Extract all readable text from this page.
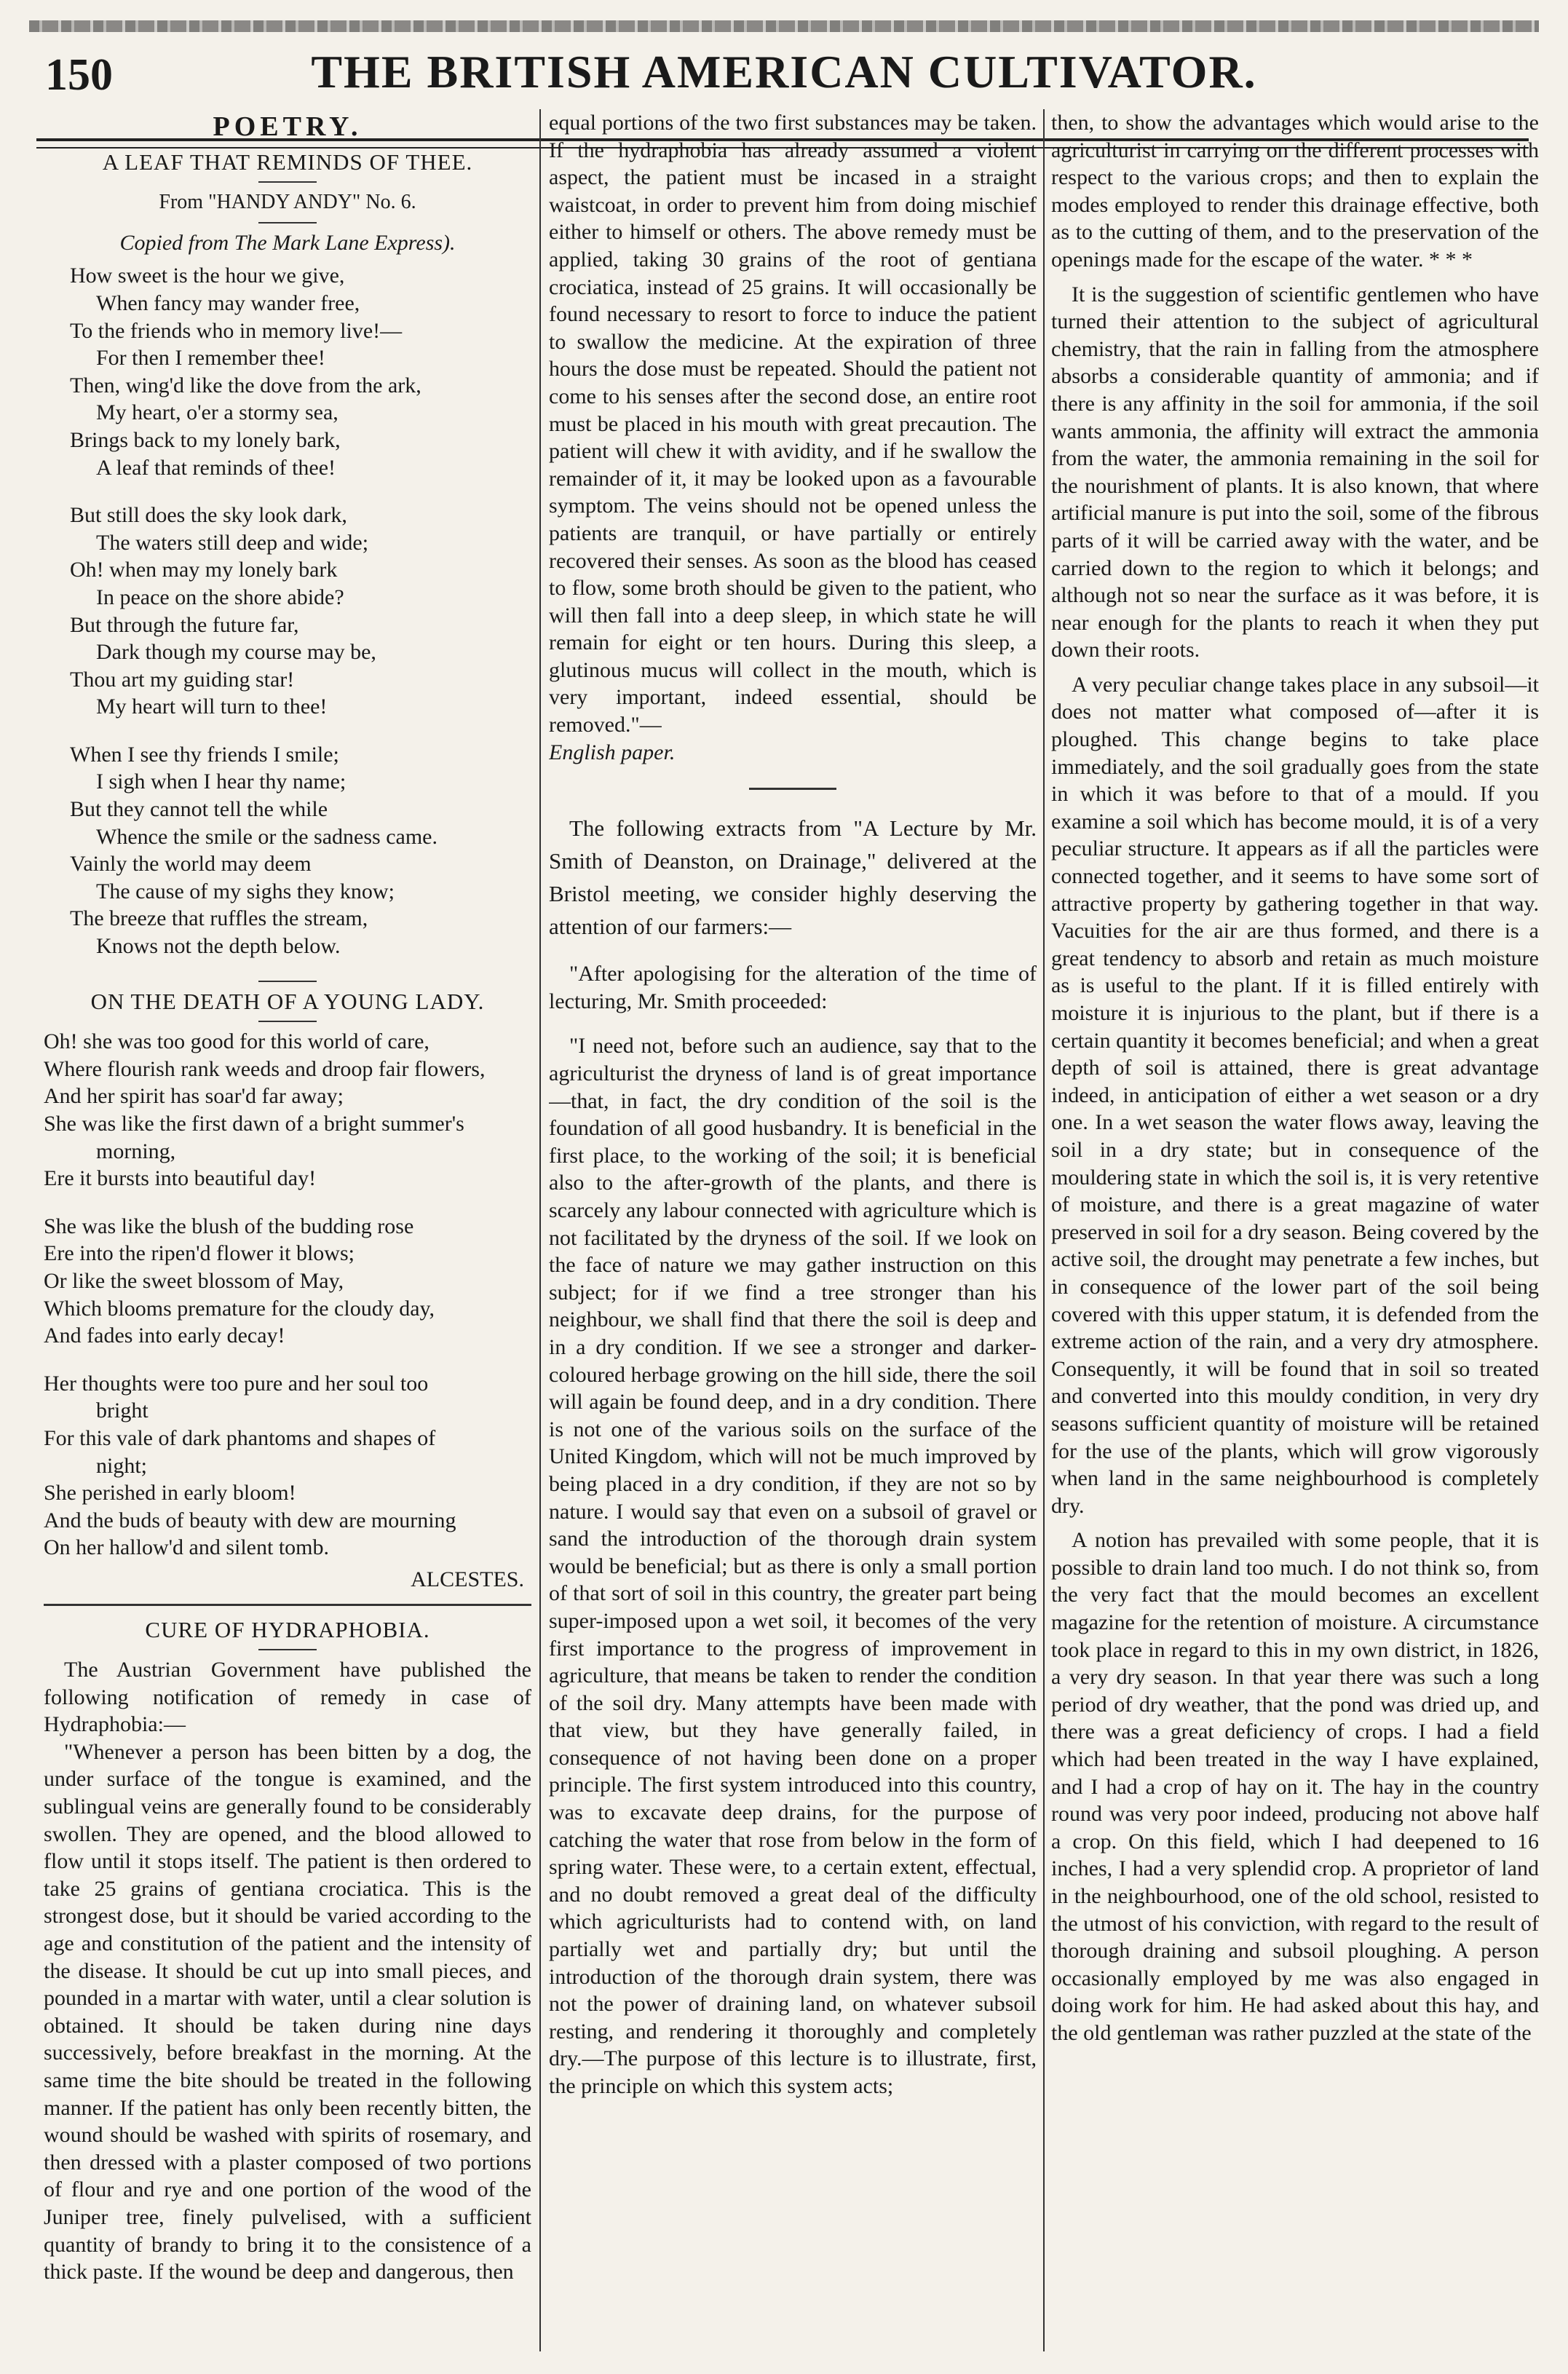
150	THE BRITISH AMERICAN CULTIVATOR.
POETRY.
A LEAF THAT REMINDS OF THEE.
From "HANDY ANDY" No. 6.
Copied from The Mark Lane Express).
How sweet is the hour we give,
When fancy may wander free,
To the friends who in memory live!—
For then I remember thee!
Then, wing'd like the dove from the ark,
My heart, o'er a stormy sea,
Brings back to my lonely bark,
A leaf that reminds of thee!
But still does the sky look dark,
The waters still deep and wide;
Oh! when may my lonely bark
In peace on the shore abide?
But through the future far,
Dark though my course may be,
Thou art my guiding star!
My heart will turn to thee!
When I see thy friends I smile;
I sigh when I hear thy name;
But they cannot tell the while
Whence the smile or the sadness came.
Vainly the world may deem
The cause of my sighs they know;
The breeze that ruffles the stream,
Knows not the depth below.
ON THE DEATH OF A YOUNG LADY.
Oh! she was too good for this world of care,
Where flourish rank weeds and droop fair flowers,
And her spirit has soar'd far away;
She was like the first dawn of a bright summer's
morning,
Ere it bursts into beautiful day!
She was like the blush of the budding rose
Ere into the ripen'd flower it blows;
Or like the sweet blossom of May,
Which blooms premature for the cloudy day,
And fades into early decay!
Her thoughts were too pure and her soul too
bright
For this vale of dark phantoms and shapes of
night;
She perished in early bloom!
And the buds of beauty with dew are mourning
On her hallow'd and silent tomb.
ALCESTES.
CURE OF HYDRAPHOBIA.

The Austrian Government have published the following notification of remedy in case of Hydraphobia:—

"Whenever a person has been bitten by a dog, the under surface of the tongue is examined, and the sublingual veins are generally found to be considerably swollen. They are opened, and the blood allowed to flow until it stops itself. The patient is then ordered to take 25 grains of gentiana crociatica. This is the strongest dose, but it should be varied according to the age and constitution of the patient and the intensity of the disease. It should be cut up into small pieces, and pounded in a martar with water, until a clear solution is obtained. It should be taken during nine days successively, before breakfast in the morning. At the same time the bite should be treated in the following manner. If the patient has only been recently bitten, the wound should be washed with spirits of rosemary, and then dressed with a plaster composed of two portions of flour and rye and one portion of the wood of the Juniper tree, finely pulvelised, with a sufficient quantity of brandy to bring it to the consistence of a thick paste. If the wound be deep and dangerous, then

equal portions of the two first substances may be taken. If the hydraphobia has already assumed a violent aspect, the patient must be incased in a straight waistcoat, in order to prevent him from doing mischief either to himself or others. The above remedy must be applied, taking 30 grains of the root of gentiana crociatica, instead of 25 grains. It will occasionally be found necessary to resort to force to induce the patient to swallow the medicine. At the expiration of three hours the dose must be repeated. Should the patient not come to his senses after the second dose, an entire root must be placed in his mouth with great precaution. The patient will chew it with avidity, and if he swallow the remainder of it, it may be looked upon as a favourable symptom. The veins should not be opened unless the patients are tranquil, or have partially or entirely recovered their senses. As soon as the blood has ceased to flow, some broth should be given to the patient, who will then fall into a deep sleep, in which state he will remain for eight or ten hours. During this sleep, a glutinous mucus will collect in the mouth, which is very important, indeed essential, should be removed."—

English paper.

The following extracts from "A Lecture by Mr. Smith of Deanston, on Drainage," delivered at the Bristol meeting, we consider highly deserving the attention of our farmers:—

"After apologising for the alteration of the time of lecturing, Mr. Smith proceeded:

"I need not, before such an audience, say that to the agriculturist the dryness of land is of great importance—that, in fact, the dry condition of the soil is the foundation of all good husbandry. It is beneficial in the first place, to the working of the soil; it is beneficial also to the after-growth of the plants, and there is scarcely any labour connected with agriculture which is not facilitated by the dryness of the soil. If we look on the face of nature we may gather instruction on this subject; for if we find a tree stronger than his neighbour, we shall find that there the soil is deep and in a dry condition. If we see a stronger and darker-coloured herbage growing on the hill side, there the soil will again be found deep, and in a dry condition. There is not one of the various soils on the surface of the United Kingdom, which will not be much improved by being placed in a dry condition, if they are not so by nature. I would say that even on a subsoil of gravel or sand the introduction of the thorough drain system would be beneficial; but as there is only a small portion of that sort of soil in this country, the greater part being super-imposed upon a wet soil, it becomes of the very first importance to the progress of improvement in agriculture, that means be taken to render the condition of the soil dry. Many attempts have been made with that view, but they have generally failed, in consequence of not having been done on a proper principle. The first system introduced into this country, was to excavate deep drains, for the purpose of catching the water that rose from below in the form of spring water. These were, to a certain extent, effectual, and no doubt removed a great deal of the difficulty which agriculturists had to contend with, on land partially wet and partially dry; but until the introduction of the thorough drain system, there was not the power of draining land, on whatever subsoil resting, and rendering it thoroughly and completely dry.—The purpose of this lecture is to illustrate, first, the principle on which this system acts;

then, to show the advantages which would arise to the agriculturist in carrying on the different processes with respect to the various crops; and then to explain the modes employed to render this drainage effective, both as to the cutting of them, and to the preservation of the openings made for the escape of the water. * * *

It is the suggestion of scientific gentlemen who have turned their attention to the subject of agricultural chemistry, that the rain in falling from the atmosphere absorbs a considerable quantity of ammonia; and if there is any affinity in the soil for ammonia, if the soil wants ammonia, the affinity will extract the ammonia from the water, the ammonia remaining in the soil for the nourishment of plants. It is also known, that where artificial manure is put into the soil, some of the fibrous parts of it will be carried away with the water, and be carried down to the region to which it belongs; and although not so near the surface as it was before, it is near enough for the plants to reach it when they put down their roots.

A very peculiar change takes place in any subsoil—it does not matter what composed of—after it is ploughed. This change begins to take place immediately, and the soil gradually goes from the state in which it was before to that of a mould. If you examine a soil which has become mould, it is of a very peculiar structure. It appears as if all the particles were connected together, and it seems to have some sort of attractive property by gathering together in that way. Vacuities for the air are thus formed, and there is a great tendency to absorb and retain as much moisture as is useful to the plant. If it is filled entirely with moisture it is injurious to the plant, but if there is a certain quantity it becomes beneficial; and when a great depth of soil is attained, there is great advantage indeed, in anticipation of either a wet season or a dry one. In a wet season the water flows away, leaving the soil in a dry state; but in consequence of the mouldering state in which the soil is, it is very retentive of moisture, and there is a great magazine of water preserved in soil for a dry season. Being covered by the active soil, the drought may penetrate a few inches, but in consequence of the lower part of the soil being covered with this upper statum, it is defended from the extreme action of the rain, and a very dry atmosphere. Consequently, it will be found that in soil so treated and converted into this mouldy condition, in very dry seasons sufficient quantity of moisture will be retained for the use of the plants, which will grow vigorously when land in the same neighbourhood is completely dry.

A notion has prevailed with some people, that it is possible to drain land too much. I do not think so, from the very fact that the mould becomes an excellent magazine for the retention of moisture. A circumstance took place in regard to this in my own district, in 1826, a very dry season. In that year there was such a long period of dry weather, that the pond was dried up, and there was a great deficiency of crops. I had a field which had been treated in the way I have explained, and I had a crop of hay on it. The hay in the country round was very poor indeed, producing not above half a crop. On this field, which I had deepened to 16 inches, I had a very splendid crop. A proprietor of land in the neighbourhood, one of the old school, resisted to the utmost of his conviction, with regard to the result of thorough draining and subsoil ploughing. A person occasionally employed by me was also engaged in doing work for him. He had asked about this hay, and the old gentleman was rather puzzled at the state of the
